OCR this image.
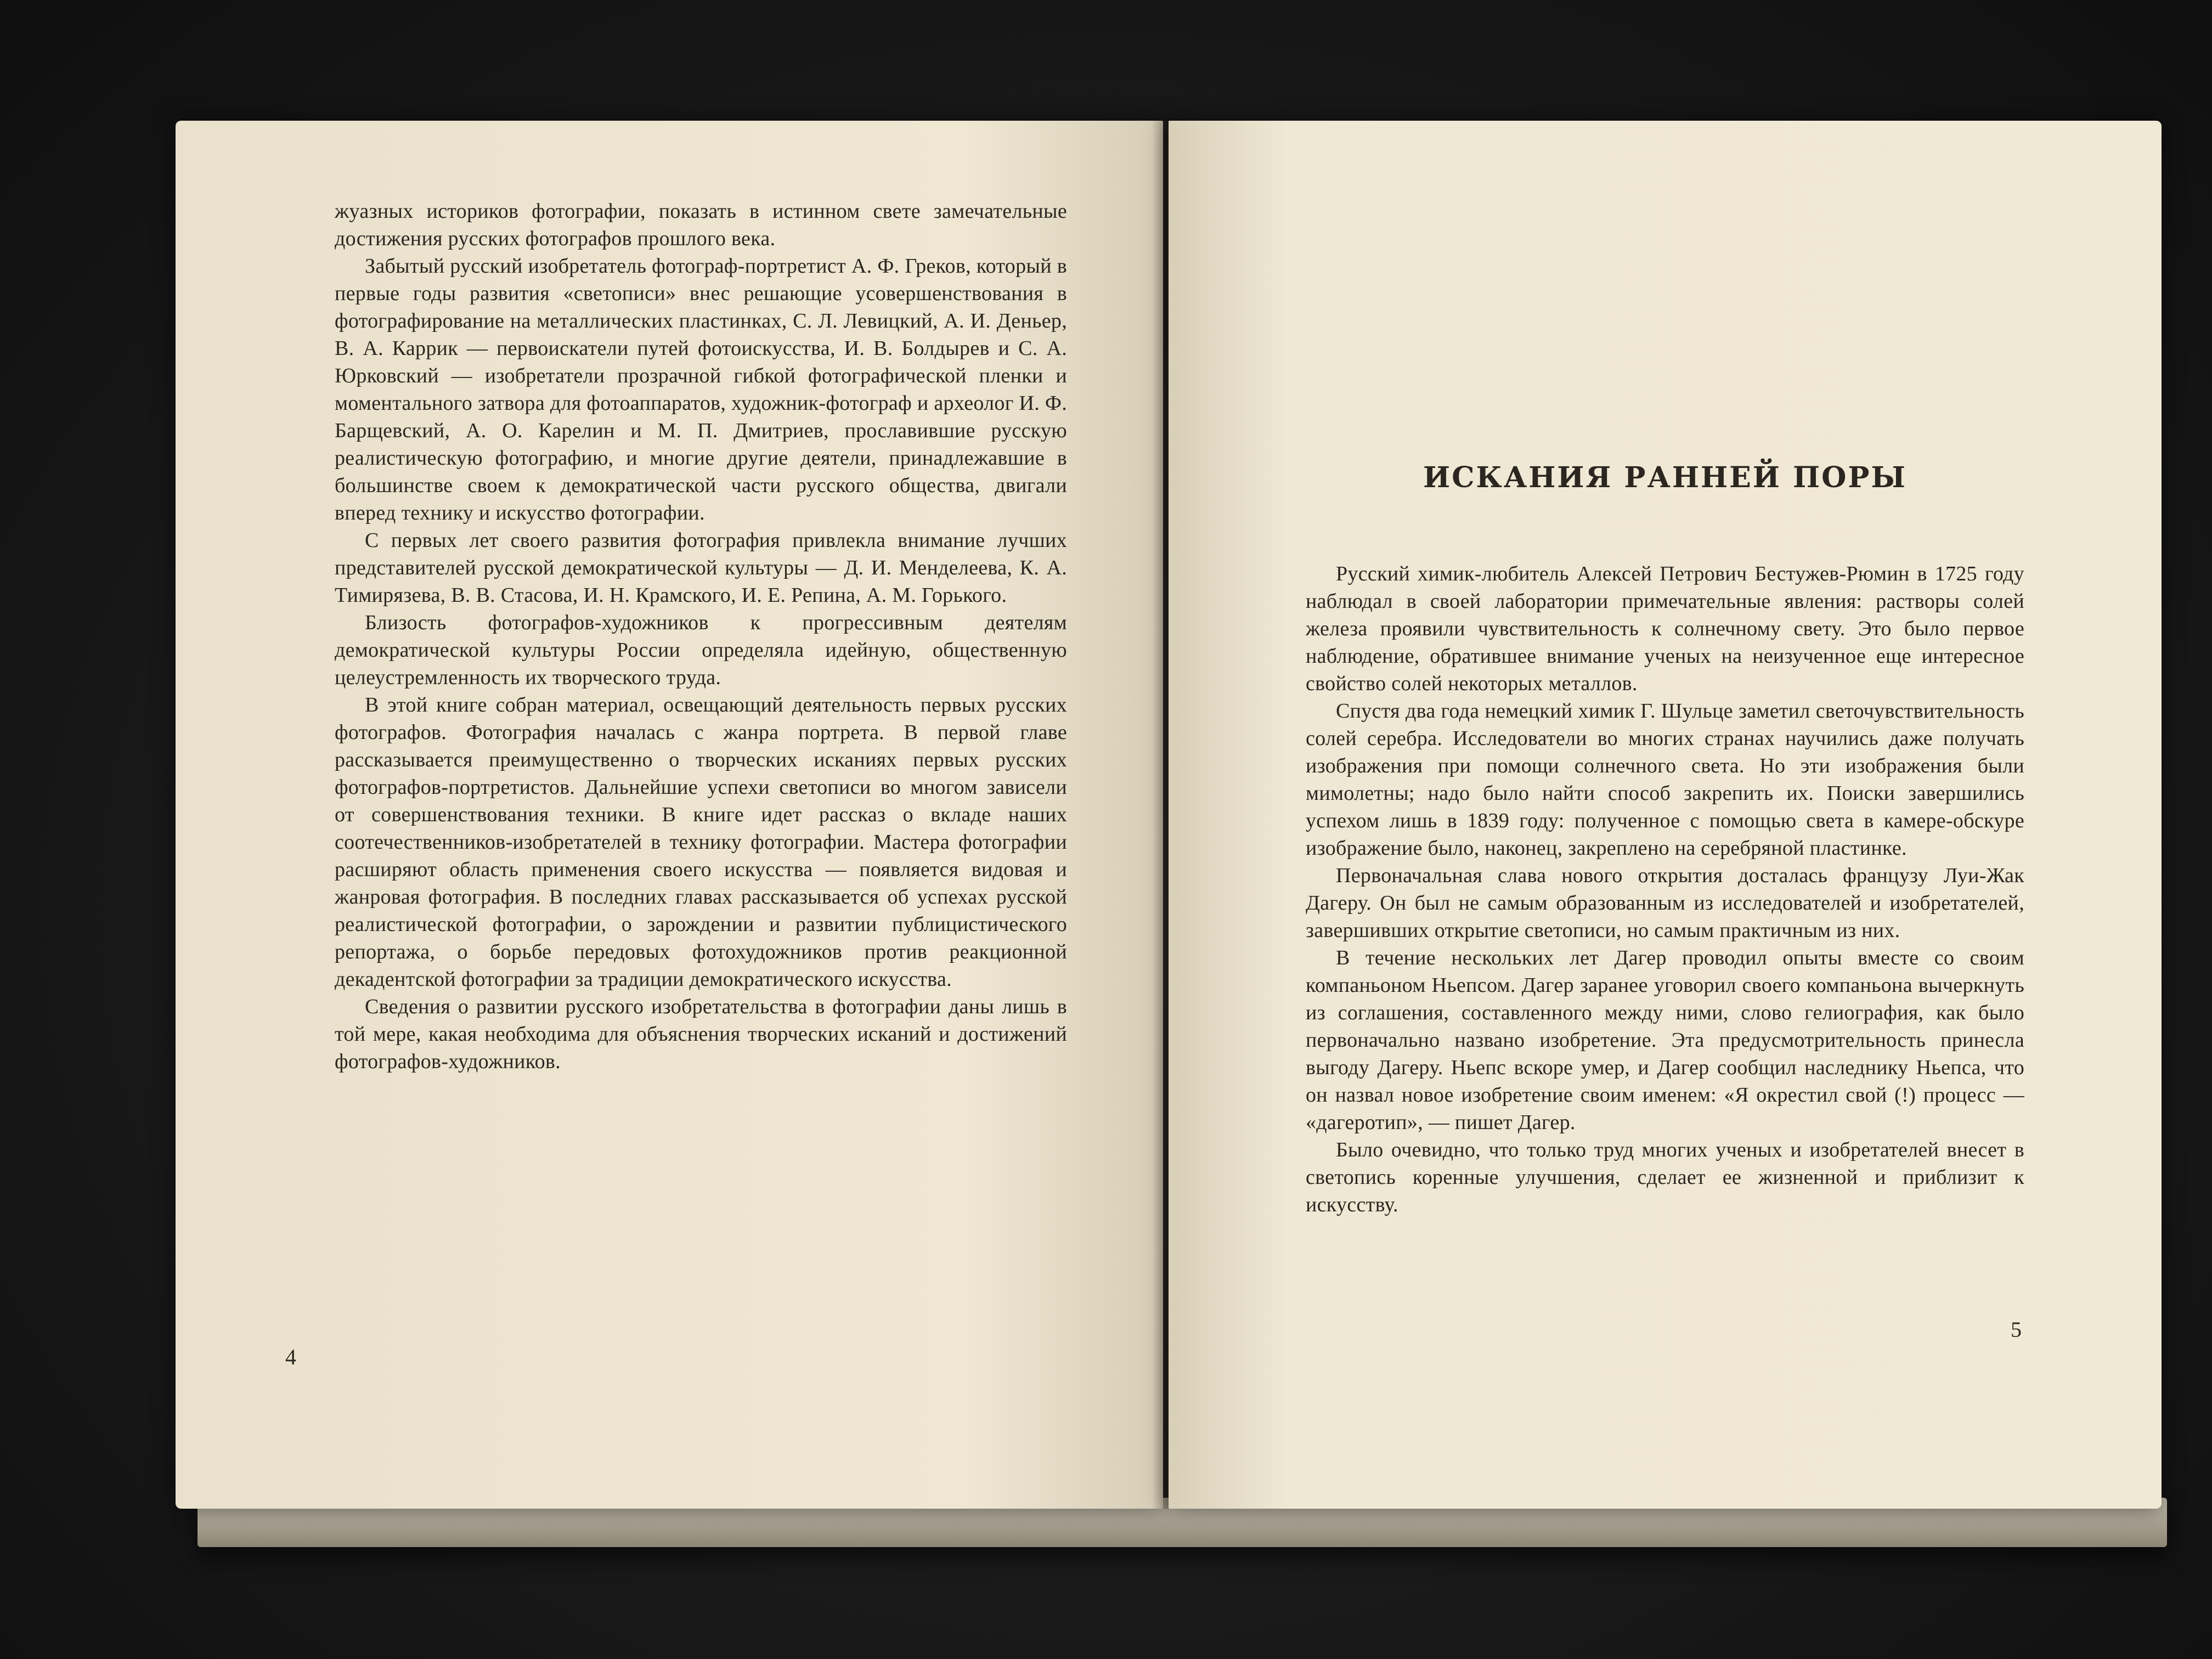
жуазных историков фотографии, показать в истинном свете замечательные достижения русских фотографов прошлого века.

Забытый русский изобретатель фотограф-портретист А. Ф. Греков, который в первые годы развития «светописи» внес решающие усовершенствования в фотографирование на металлических пластинках, С. Л. Левицкий, А. И. Деньер, В. А. Каррик — первоискатели путей фотоискусства, И. В. Болдырев и С. А. Юрковский — изобретатели прозрачной гибкой фотографической пленки и моментального затвора для фотоаппаратов, художник-фотограф и археолог И. Ф. Барщевский, А. О. Карелин и М. П. Дмитриев, прославившие русскую реалистическую фотографию, и многие другие деятели, принадлежавшие в большинстве своем к демократической части русского общества, двигали вперед технику и искусство фотографии.

С первых лет своего развития фотография привлекла внимание лучших представителей русской демократической культуры — Д. И. Менделеева, К. А. Тимирязева, В. В. Стасова, И. Н. Крамского, И. Е. Репина, А. М. Горького.

Близость фотографов-художников к прогрессивным деятелям демократической культуры России определяла идейную, общественную целеустремленность их творческого труда.

В этой книге собран материал, освещающий деятельность первых русских фотографов. Фотография началась с жанра портрета. В первой главе рассказывается преимущественно о творческих исканиях первых русских фотографов-портретистов. Дальнейшие успехи светописи во многом зависели от совершенствования техники. В книге идет рассказ о вкладе наших соотечественников-изобретателей в технику фотографии. Мастера фотографии расширяют область применения своего искусства — появляется видовая и жанровая фотография. В последних главах рассказывается об успехах русской реалистической фотографии, о зарождении и развитии публицистического репортажа, о борьбе передовых фотохудожников против реакционной декадентской фотографии за традиции демократического искусства.

Сведения о развитии русского изобретательства в фотографии даны лишь в той мере, какая необходима для объяснения творческих исканий и достижений фотографов-художников.

4
ИСКАНИЯ РАННЕЙ ПОРЫ

Русский химик-любитель Алексей Петрович Бестужев-Рюмин в 1725 году наблюдал в своей лаборатории примечательные явления: растворы солей железа проявили чувствительность к солнечному свету. Это было первое наблюдение, обратившее внимание ученых на неизученное еще интересное свойство солей некоторых металлов.

Спустя два года немецкий химик Г. Шульце заметил светочувствительность солей серебра. Исследователи во многих странах научились даже получать изображения при помощи солнечного света. Но эти изображения были мимолетны; надо было найти способ закрепить их. Поиски завершились успехом лишь в 1839 году: полученное с помощью света в камере-обскуре изображение было, наконец, закреплено на серебряной пластинке.

Первоначальная слава нового открытия досталась французу Луи-Жак Дагеру. Он был не самым образованным из исследователей и изобретателей, завершивших открытие светописи, но самым практичным из них.

В течение нескольких лет Дагер проводил опыты вместе со своим компаньоном Ньепсом. Дагер заранее уговорил своего компаньона вычеркнуть из соглашения, составленного между ними, слово гелиография, как было первоначально названо изобретение. Эта предусмотрительность принесла выгоду Дагеру. Ньепс вскоре умер, и Дагер сообщил наследнику Ньепса, что он назвал новое изобретение своим именем: «Я окрестил свой (!) процесс — «дагеротип», — пишет Дагер.

Было очевидно, что только труд многих ученых и изобретателей внесет в светопись коренные улучшения, сделает ее жизненной и приблизит к искусству.

5
